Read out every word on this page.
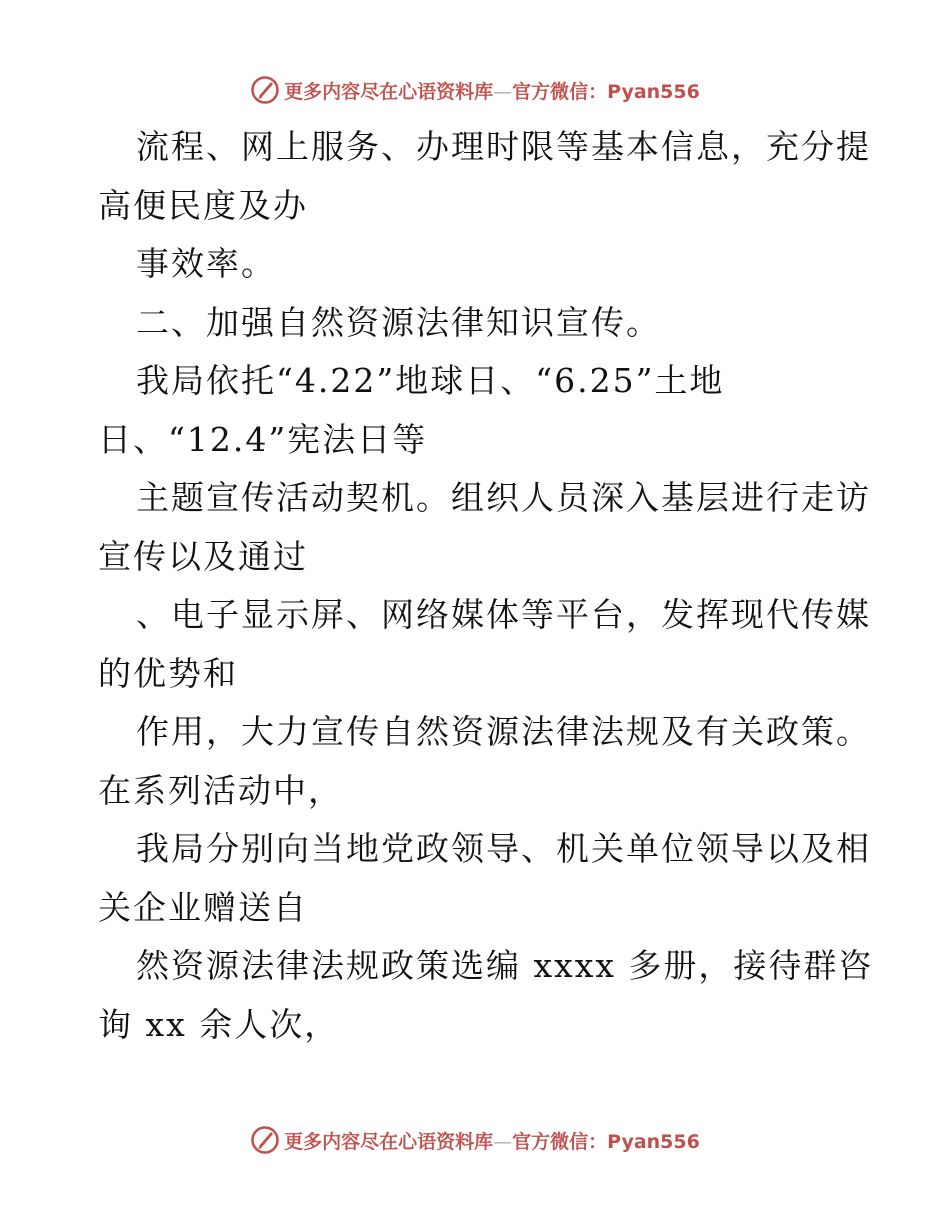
更多内容尽在心语资料库—官方微信：Pyan556
流程、网上服务、办理时限等基本信息，充分提
高便民度及办
事效率。
二、加强自然资源法律知识宣传。
我局依托“4.22”地球日、“6.25”土地
日、“12.4”宪法日等
主题宣传活动契机。组织人员深入基层进行走访
宣传以及通过
、电子显示屏、网络媒体等平台，发挥现代传媒
的优势和
作用，大力宣传自然资源法律法规及有关政策。
在系列活动中，
我局分别向当地党政领导、机关单位领导以及相
关企业赠送自
然资源法律法规政策选编 xxxx 多册，接待群咨
询 xx 余人次，
更多内容尽在心语资料库—官方微信：Pyan556
